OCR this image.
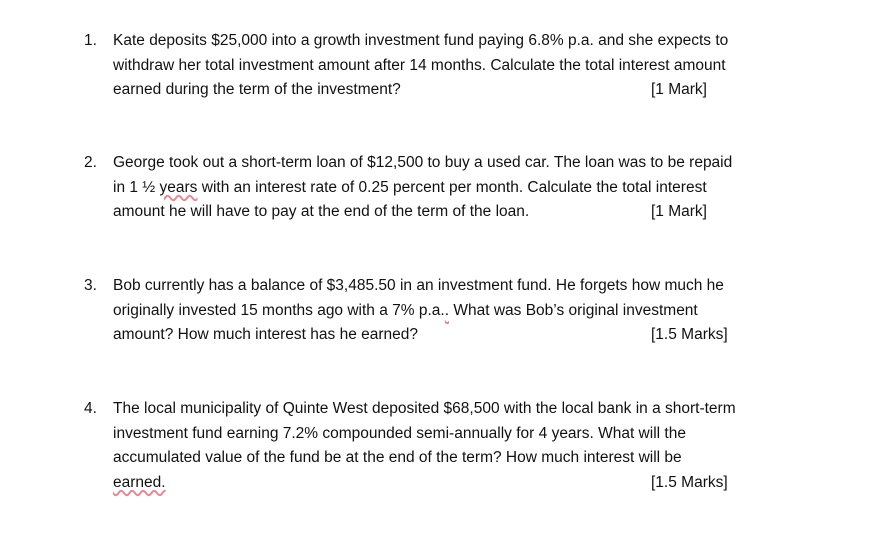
1. Kate deposits $25,000 into a growth investment fund paying 6.8% p.a. and she expects to
withdraw her total investment amount after 14 months. Calculate the total interest amount
earned during the term of the investment?	[1 Mark]
2. George took out a short-term loan of $12,500 to buy a used car. The loan was to be repaid
in 1 ½ years with an interest rate of 0.25 percent per month. Calculate the total interest
amount he will have to pay at the end of the term of the loan.	[1 Mark]
3. Bob currently has a balance of $3,485.50 in an investment fund. He forgets how much he
originally invested 15 months ago with a 7% p.a.. What was Bob’s original investment
amount? How much interest has he earned?	[1.5 Marks]
4. The local municipality of Quinte West deposited $68,500 with the local bank in a short-term
investment fund earning 7.2% compounded semi-annually for 4 years. What will the
accumulated value of the fund be at the end of the term? How much interest will be
earned.	[1.5 Marks]
